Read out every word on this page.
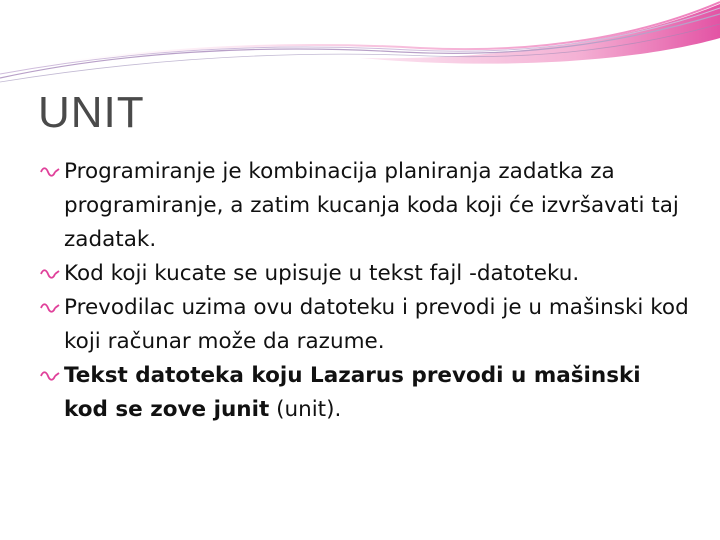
UNIT
Programiranje je kombinacija planiranja zadatka za programiranje, a zatim kucanja koda koji će izvršavati taj zadatak.
Kod koji kucate se upisuje u tekst fajl -datoteku.
Prevodilac uzima ovu datoteku i prevodi je u mašinski kod koji računar može da razume.
Tekst datoteka koju Lazarus prevodi u mašinski kod se zove junit (unit).
